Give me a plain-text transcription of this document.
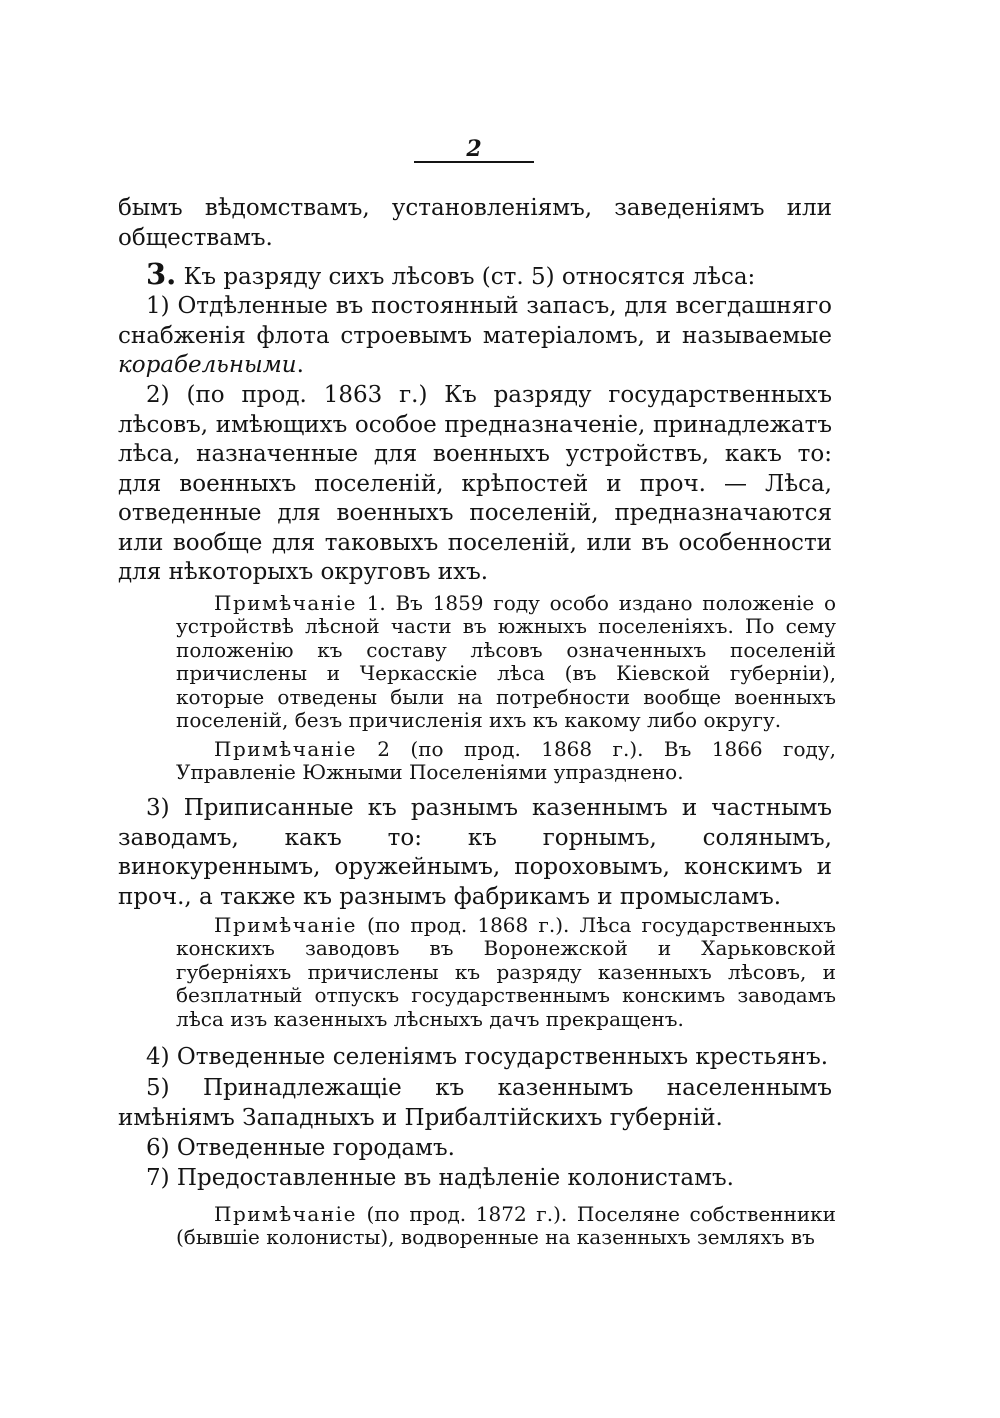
2
бымъ вѣдомствамъ, установленіямъ, заведеніямъ или обществамъ.
3. Къ разряду сихъ лѣсовъ (ст. 5) относятся лѣса:
1) Отдѣленные въ постоянный запасъ, для всегдашняго снабженія флота строевымъ матеріаломъ, и называемые корабельными.
2) (по прод. 1863 г.) Къ разряду государственныхъ лѣсовъ, имѣющихъ особое предназначеніе, принадлежатъ лѣса, назначенные для военныхъ устройствъ, какъ то: для военныхъ поселеній, крѣпостей и проч. — Лѣса, отведенные для военныхъ поселеній, предназначаются или вообще для таковыхъ поселеній, или въ особенности для нѣкоторыхъ округовъ ихъ.
Примѣчаніе 1. Въ 1859 году особо издано положеніе о устройствѣ лѣсной части въ южныхъ поселеніяхъ. По сему положенію къ составу лѣсовъ означенныхъ поселеній причислены и Черкасскіе лѣса (въ Кіевской губерніи), которые отведены были на потребности вообще военныхъ поселеній, безъ причисленія ихъ къ какому либо округу.
Примѣчаніе 2 (по прод. 1868 г.). Въ 1866 году, Управленіе Южными Поселеніями упразднено.
3) Приписанные къ разнымъ казеннымъ и частнымъ заводамъ, какъ то: къ горнымъ, солянымъ, винокуреннымъ, оружейнымъ, пороховымъ, конскимъ и проч., а также къ разнымъ фабрикамъ и промысламъ.
Примѣчаніе (по прод. 1868 г.). Лѣса государственныхъ конскихъ заводовъ въ Воронежской и Харьковской губерніяхъ причислены къ разряду казенныхъ лѣсовъ, и безплатный отпускъ государственнымъ конскимъ заводамъ лѣса изъ казенныхъ лѣсныхъ дачъ прекращенъ.
4) Отведенные селеніямъ государственныхъ крестьянъ.
5) Принадлежащіе къ казеннымъ населеннымъ имѣніямъ Западныхъ и Прибалтійскихъ губерній.
6) Отведенные городамъ.
7) Предоставленные въ надѣленіе колонистамъ.
Примѣчаніе (по прод. 1872 г.). Поселяне собственники (бывшіе колонисты), водворенные на казенныхъ земляхъ въ
